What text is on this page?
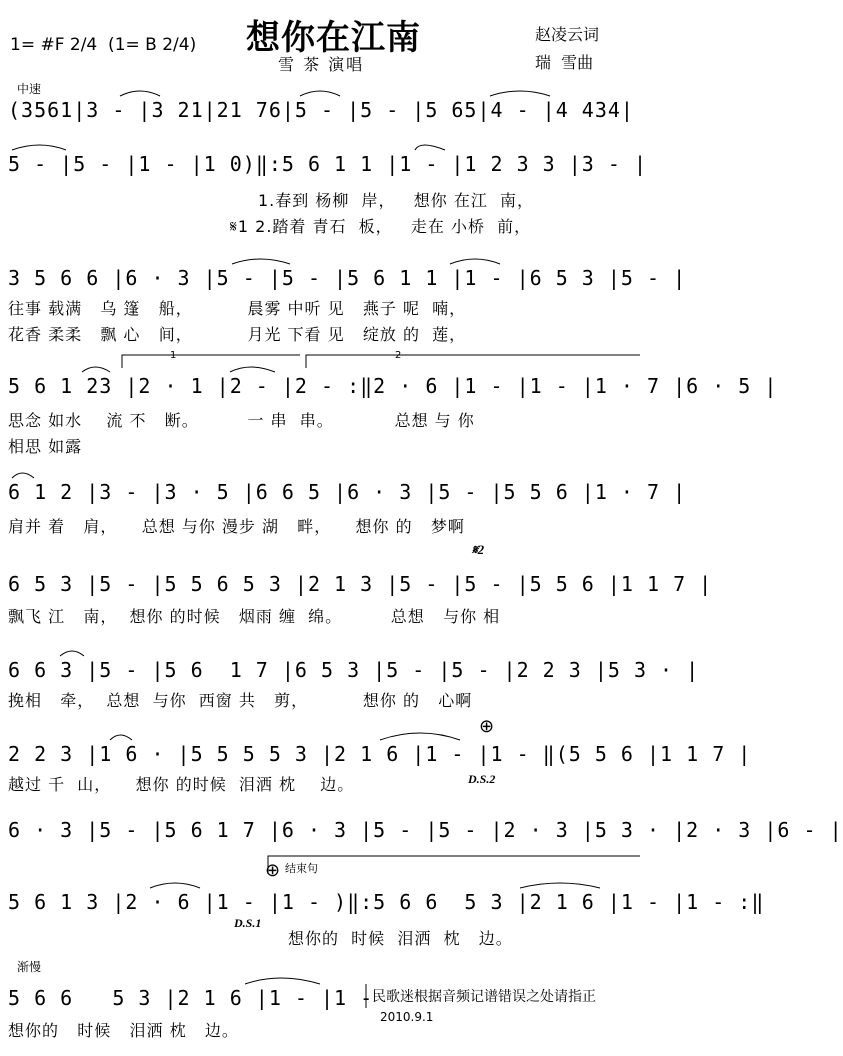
想你在江南
1= #F 2/4  (1= B 2/4)
雪 茶 演唱
赵凌云词
瑞  雪曲
中速
(3561|3 - |3 21|21 76|5 - |5 - |5 65|4 - |4 434|
5 - |5 - |1 - |1 0)‖:5 6 1 1 |1 - |1 2 3 3 |3 - |
1.春到 杨柳  岸，   想你 在江  南，
𝄋1 2.踏着 青石  板，   走在 小桥  前，
3 5 6 6 |6 · 3 |5 - |5 - |5 6 1 1 |1 - |6 5 3 |5 - |
往事 载满   乌 篷   船，         晨雾 中听 见   燕子 呢  喃，
花香 柔柔   飘 心   间，         月光 下看 见   绽放 的  莲，
5 6 1 23 |2 · 1 |2 - |2 - :‖2 · 6 |1 - |1 - |1 · 7 |6 · 5 |
思念 如水    流 不   断。        一 串  串。          总想 与 你
相思 如露
6 1 2 |3 - |3 · 5 |6 6 5 |6 · 3 |5 - |5 5 6 |1 · 7 |
肩并 着   肩，    总想 与你 漫步 湖   畔，    想你 的   梦啊
6 5 3 |5 - |5 5 6 5 3 |2 1 3 |5 - |5 - |5 5 6 |1 1 7 |
飘飞 江   南，  想你 的时候   烟雨 缠  绵。        总想   与你 相
6 6 3 |5 - |5 6  1 7 |6 5 3 |5 - |5 - |2 2 3 |5 3 · |
挽相   牵，  总想  与你  西窗 共   剪，         想你 的   心啊
2 2 3 |1 6 · |5 5 5 5 3 |2 1 6 |1 - |1 - ‖(5 5 6 |1 1 7 |
越过 千  山，    想你 的时候  泪洒 枕    边。
6 · 3 |5 - |5 6 1 7 |6 · 3 |5 - |5 - |2 · 3 |5 3 · |2 · 3 |6 - |
5 6 1 3 |2 · 6 |1 - |1 - )‖:5 6 6  5 3 |2 1 6 |1 - |1 - :‖
想你的  时候  泪洒  枕   边。
渐慢
5 6 6   5 3 |2 1 6 |1 - |1 -
想你的   时候   泪洒 枕   边。
𝄋2
D.S.2
D.S.1
⊕
⊕ 结束句
1	2
民歌迷根据音频记谱错误之处请指正
2010.9.1
